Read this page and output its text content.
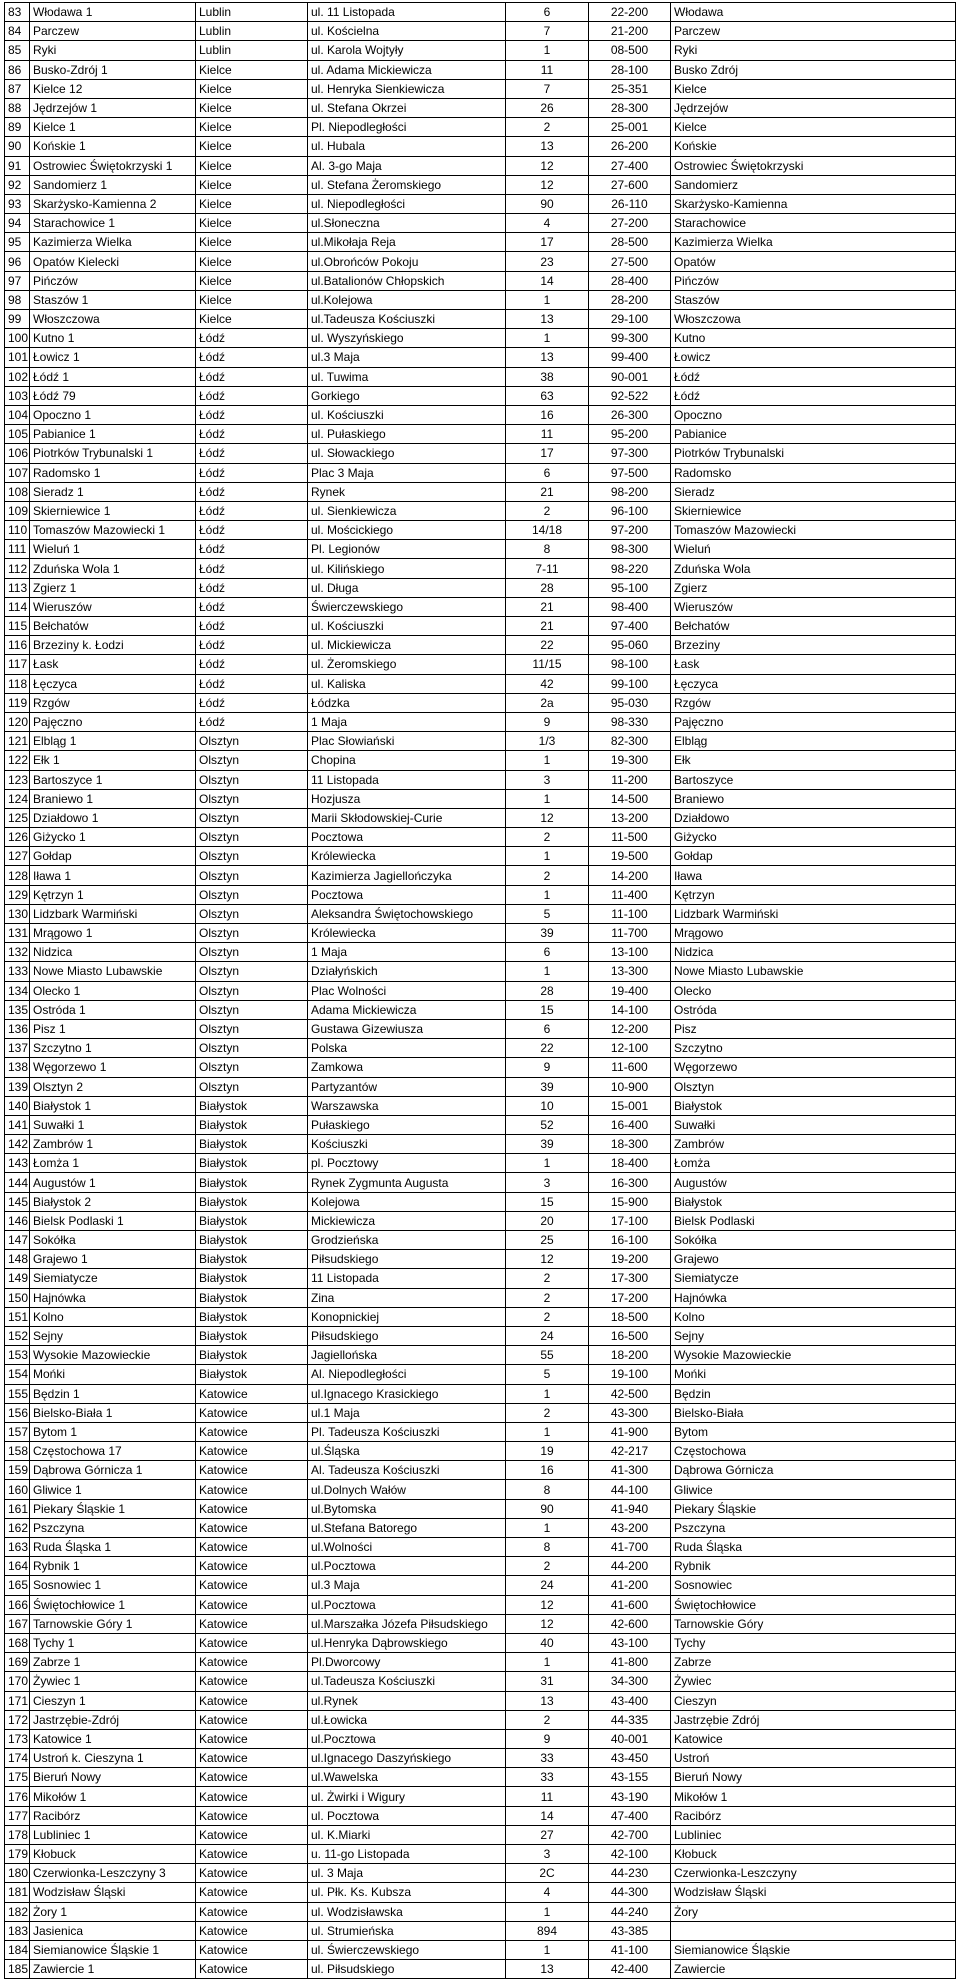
83	Włodawa 1	Lublin	ul. 11 Listopada	6	22-200	Włodawa
84	Parczew	Lublin	ul. Kościelna	7	21-200	Parczew
85	Ryki	Lublin	ul. Karola Wojtyły	1	08-500	Ryki
86	Busko-Zdrój 1	Kielce	ul. Adama Mickiewicza	11	28-100	Busko Zdrój
87	Kielce 12	Kielce	ul. Henryka Sienkiewicza	7	25-351	Kielce
88	Jędrzejów 1	Kielce	ul. Stefana Okrzei	26	28-300	Jędrzejów
89	Kielce 1	Kielce	Pl. Niepodległości	2	25-001	Kielce
90	Końskie 1	Kielce	ul. Hubala	13	26-200	Końskie
91	Ostrowiec Świętokrzyski 1	Kielce	Al. 3-go Maja	12	27-400	Ostrowiec Świętokrzyski
92	Sandomierz 1	Kielce	ul. Stefana Żeromskiego	12	27-600	Sandomierz
93	Skarżysko-Kamienna 2	Kielce	ul. Niepodległości	90	26-110	Skarżysko-Kamienna
94	Starachowice 1	Kielce	ul.Słoneczna	4	27-200	Starachowice
95	Kazimierza Wielka	Kielce	ul.Mikołaja Reja	17	28-500	Kazimierza Wielka
96	Opatów Kielecki	Kielce	ul.Obrońców Pokoju	23	27-500	Opatów
97	Pińczów	Kielce	ul.Batalionów Chłopskich	14	28-400	Pińczów
98	Staszów 1	Kielce	ul.Kolejowa	1	28-200	Staszów
99	Włoszczowa	Kielce	ul.Tadeusza Kościuszki	13	29-100	Włoszczowa
100	Kutno 1	Łódź	ul. Wyszyńskiego	1	99-300	Kutno
101	Łowicz 1	Łódź	ul.3 Maja	13	99-400	Łowicz
102	Łódź 1	Łódź	ul. Tuwima	38	90-001	Łódź
103	Łódź 79	Łódź	Gorkiego	63	92-522	Łódź
104	Opoczno 1	Łódź	ul. Kościuszki	16	26-300	Opoczno
105	Pabianice 1	Łódź	ul. Pułaskiego	11	95-200	Pabianice
106	Piotrków Trybunalski 1	Łódź	ul. Słowackiego	17	97-300	Piotrków Trybunalski
107	Radomsko 1	Łódź	Plac 3 Maja	6	97-500	Radomsko
108	Sieradz 1	Łódź	Rynek	21	98-200	Sieradz
109	Skierniewice 1	Łódź	ul. Sienkiewicza	2	96-100	Skierniewice
110	Tomaszów Mazowiecki 1	Łódź	ul. Mościckiego	14/18	97-200	Tomaszów Mazowiecki
111	Wieluń 1	Łódź	Pl. Legionów	8	98-300	Wieluń
112	Zduńska Wola 1	Łódź	ul. Kilińskiego	7-11	98-220	Zduńska Wola
113	Zgierz 1	Łódź	ul. Długa	28	95-100	Zgierz
114	Wieruszów	Łódź	Świerczewskiego	21	98-400	Wieruszów
115	Bełchatów	Łódź	ul. Kościuszki	21	97-400	Bełchatów
116	Brzeziny k. Łodzi	Łódź	ul. Mickiewicza	22	95-060	Brzeziny
117	Łask	Łódź	ul. Żeromskiego	11/15	98-100	Łask
118	Łęczyca	Łódź	ul. Kaliska	42	99-100	Łęczyca
119	Rzgów	Łódź	Łódzka	2a	95-030	Rzgów
120	Pajęczno	Łódź	1 Maja	9	98-330	Pajęczno
121	Elbląg 1	Olsztyn	Plac Słowiański	1/3	82-300	Elbląg
122	Ełk 1	Olsztyn	Chopina	1	19-300	Ełk
123	Bartoszyce 1	Olsztyn	11 Listopada	3	11-200	Bartoszyce
124	Braniewo 1	Olsztyn	Hozjusza	1	14-500	Braniewo
125	Działdowo 1	Olsztyn	Marii Skłodowskiej-Curie	12	13-200	Działdowo
126	Giżycko 1	Olsztyn	Pocztowa	2	11-500	Giżycko
127	Gołdap	Olsztyn	Królewiecka	1	19-500	Gołdap
128	Iława 1	Olsztyn	Kazimierza Jagiellończyka	2	14-200	Iława
129	Kętrzyn 1	Olsztyn	Pocztowa	1	11-400	Kętrzyn
130	Lidzbark Warmiński	Olsztyn	Aleksandra Świętochowskiego	5	11-100	Lidzbark Warmiński
131	Mrągowo 1	Olsztyn	Królewiecka	39	11-700	Mrągowo
132	Nidzica	Olsztyn	1 Maja	6	13-100	Nidzica
133	Nowe Miasto Lubawskie	Olsztyn	Działyńskich	1	13-300	Nowe Miasto Lubawskie
134	Olecko 1	Olsztyn	Plac Wolności	28	19-400	Olecko
135	Ostróda 1	Olsztyn	Adama Mickiewicza	15	14-100	Ostróda
136	Pisz 1	Olsztyn	Gustawa Gizewiusza	6	12-200	Pisz
137	Szczytno 1	Olsztyn	Polska	22	12-100	Szczytno
138	Węgorzewo 1	Olsztyn	Zamkowa	9	11-600	Węgorzewo
139	Olsztyn 2	Olsztyn	Partyzantów	39	10-900	Olsztyn
140	Białystok 1	Białystok	Warszawska	10	15-001	Białystok
141	Suwałki 1	Białystok	Pułaskiego	52	16-400	Suwałki
142	Zambrów 1	Białystok	Kościuszki	39	18-300	Zambrów
143	Łomża 1	Białystok	pl. Pocztowy	1	18-400	Łomża
144	Augustów 1	Białystok	Rynek Zygmunta Augusta	3	16-300	Augustów
145	Białystok 2	Białystok	Kolejowa	15	15-900	Białystok
146	Bielsk Podlaski 1	Białystok	Mickiewicza	20	17-100	Bielsk Podlaski
147	Sokółka	Białystok	Grodzieńska	25	16-100	Sokółka
148	Grajewo 1	Białystok	Piłsudskiego	12	19-200	Grajewo
149	Siemiatycze	Białystok	11 Listopada	2	17-300	Siemiatycze
150	Hajnówka	Białystok	Zina	2	17-200	Hajnówka
151	Kolno	Białystok	Konopnickiej	2	18-500	Kolno
152	Sejny	Białystok	Piłsudskiego	24	16-500	Sejny
153	Wysokie Mazowieckie	Białystok	Jagiellońska	55	18-200	Wysokie Mazowieckie
154	Mońki	Białystok	Al. Niepodległości	5	19-100	Mońki
155	Będzin 1	Katowice	ul.Ignacego Krasickiego	1	42-500	Będzin
156	Bielsko-Biała 1	Katowice	ul.1 Maja	2	43-300	Bielsko-Biała
157	Bytom 1	Katowice	Pl. Tadeusza Kościuszki	1	41-900	Bytom
158	Częstochowa 17	Katowice	ul.Śląska	19	42-217	Częstochowa
159	Dąbrowa Górnicza 1	Katowice	Al. Tadeusza Kościuszki	16	41-300	Dąbrowa Górnicza
160	Gliwice 1	Katowice	ul.Dolnych Wałów	8	44-100	Gliwice
161	Piekary Śląskie 1	Katowice	ul.Bytomska	90	41-940	Piekary Śląskie
162	Pszczyna	Katowice	ul.Stefana Batorego	1	43-200	Pszczyna
163	Ruda Śląska 1	Katowice	ul.Wolności	8	41-700	Ruda Śląska
164	Rybnik 1	Katowice	ul.Pocztowa	2	44-200	Rybnik
165	Sosnowiec 1	Katowice	ul.3 Maja	24	41-200	Sosnowiec
166	Świętochłowice 1	Katowice	ul.Pocztowa	12	41-600	Świętochłowice
167	Tarnowskie Góry 1	Katowice	ul.Marszałka Józefa Piłsudskiego	12	42-600	Tarnowskie Góry
168	Tychy 1	Katowice	ul.Henryka Dąbrowskiego	40	43-100	Tychy
169	Zabrze 1	Katowice	Pl.Dworcowy	1	41-800	Zabrze
170	Żywiec 1	Katowice	ul.Tadeusza Kościuszki	31	34-300	Żywiec
171	Cieszyn 1	Katowice	ul.Rynek	13	43-400	Cieszyn
172	Jastrzębie-Zdrój	Katowice	ul.Łowicka	2	44-335	Jastrzębie Zdrój
173	Katowice 1	Katowice	ul.Pocztowa	9	40-001	Katowice
174	Ustroń k. Cieszyna 1	Katowice	ul.Ignacego Daszyńskiego	33	43-450	Ustroń
175	Bieruń Nowy	Katowice	ul.Wawelska	33	43-155	Bieruń Nowy
176	Mikołów 1	Katowice	ul. Żwirki i Wigury	11	43-190	Mikołów 1
177	Racibórz	Katowice	ul. Pocztowa	14	47-400	Racibórz
178	Lubliniec 1	Katowice	ul. K.Miarki	27	42-700	Lubliniec
179	Kłobuck	Katowice	u. 11-go Listopada	3	42-100	Kłobuck
180	Czerwionka-Leszczyny 3	Katowice	ul. 3 Maja	2C	44-230	Czerwionka-Leszczyny
181	Wodzisław Śląski	Katowice	ul. Płk. Ks. Kubsza	4	44-300	Wodzisław Śląski
182	Żory 1	Katowice	ul. Wodzisławska	1	44-240	Żory
183	Jasienica	Katowice	ul. Strumieńska	894	43-385	
184	Siemianowice Śląskie 1	Katowice	ul. Świerczewskiego	1	41-100	Siemianowice Śląskie
185	Zawiercie 1	Katowice	ul. Piłsudskiego	13	42-400	Zawiercie
